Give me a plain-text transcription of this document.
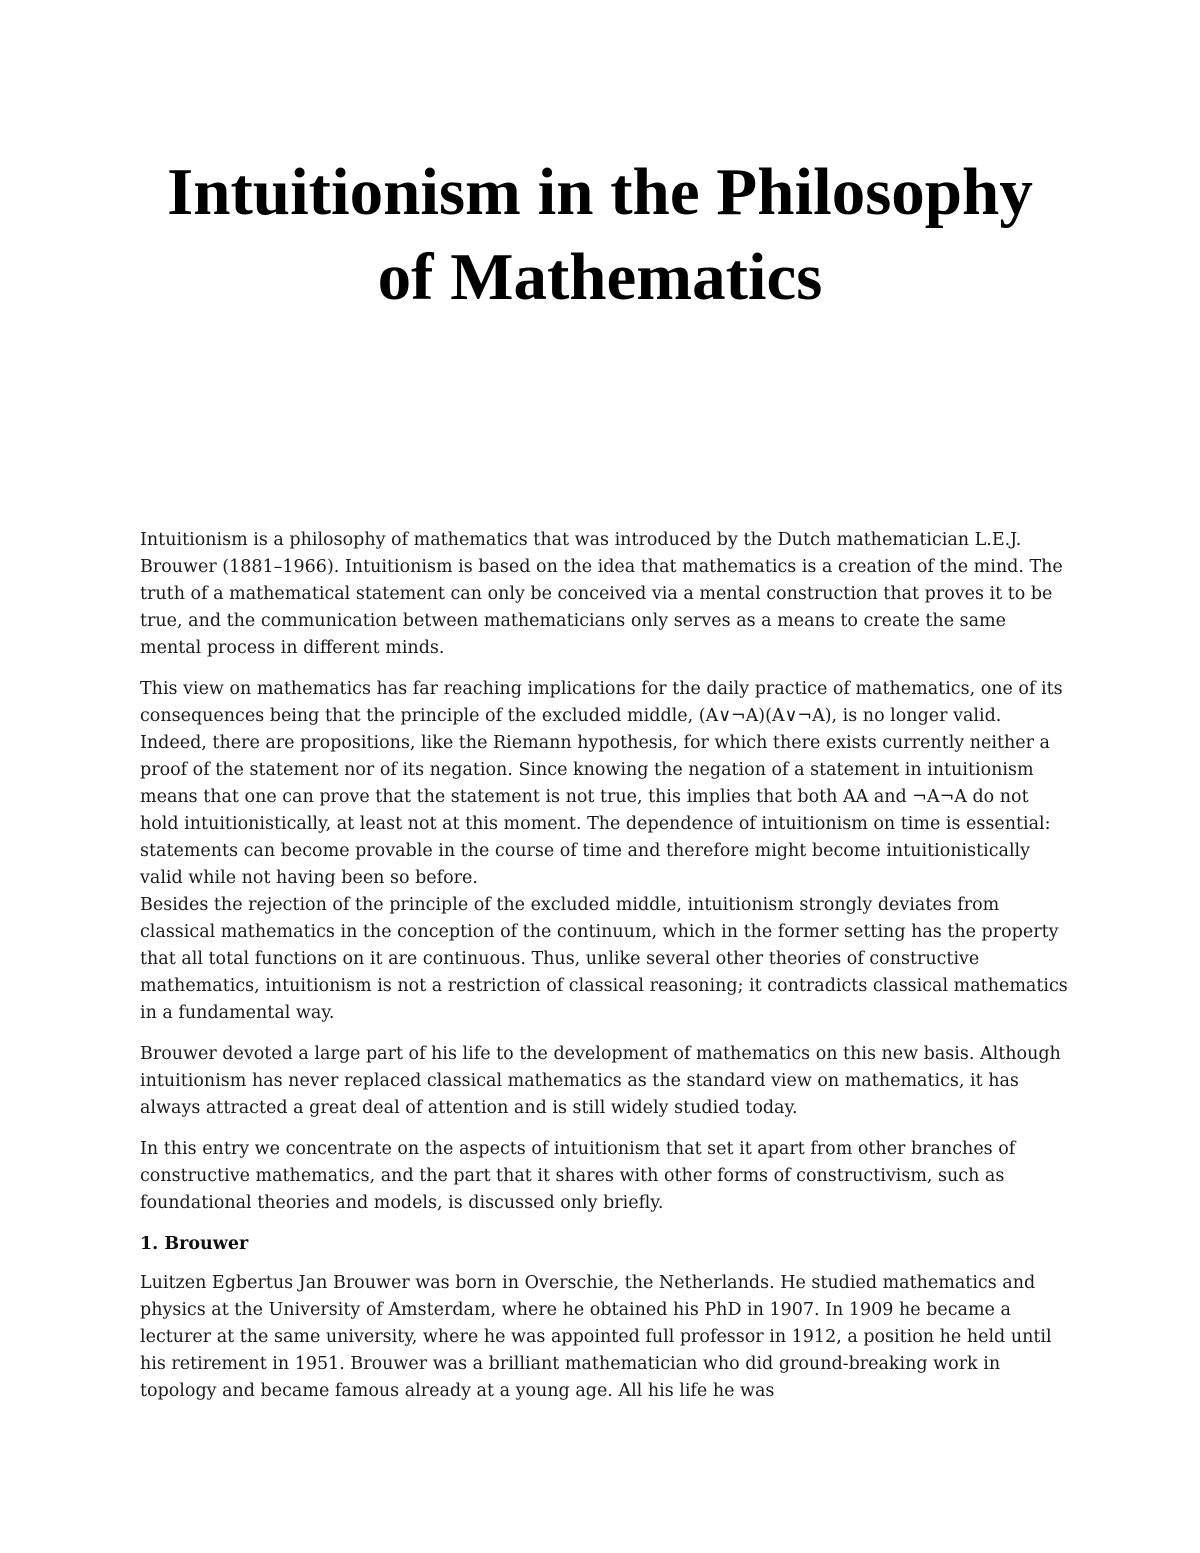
Intuitionism in the Philosophy
of Mathematics

Intuitionism is a philosophy of mathematics that was introduced by the Dutch mathematician L.E.J. Brouwer (1881–1966). Intuitionism is based on the idea that mathematics is a creation of the mind. The truth of a mathematical statement can only be conceived via a mental construction that proves it to be true, and the communication between mathematicians only serves as a means to create the same mental process in different minds.

This view on mathematics has far reaching implications for the daily practice of mathematics, one of its consequences being that the principle of the excluded middle, (A∨¬A)(A∨¬A), is no longer valid. Indeed, there are propositions, like the Riemann hypothesis, for which there exists currently neither a proof of the statement nor of its negation. Since knowing the negation of a statement in intuitionism means that one can prove that the statement is not true, this implies that both AA and ¬A¬A do not hold intuitionistically, at least not at this moment. The dependence of intuitionism on time is essential: statements can become provable in the course of time and therefore might become intuitionistically valid while not having been so before.

Besides the rejection of the principle of the excluded middle, intuitionism strongly deviates from classical mathematics in the conception of the continuum, which in the former setting has the property that all total functions on it are continuous. Thus, unlike several other theories of constructive mathematics, intuitionism is not a restriction of classical reasoning; it contradicts classical mathematics in a fundamental way.

Brouwer devoted a large part of his life to the development of mathematics on this new basis. Although intuitionism has never replaced classical mathematics as the standard view on mathematics, it has always attracted a great deal of attention and is still widely studied today.

In this entry we concentrate on the aspects of intuitionism that set it apart from other branches of constructive mathematics, and the part that it shares with other forms of constructivism, such as foundational theories and models, is discussed only briefly.

1. Brouwer

Luitzen Egbertus Jan Brouwer was born in Overschie, the Netherlands. He studied mathematics and physics at the University of Amsterdam, where he obtained his PhD in 1907. In 1909 he became a lecturer at the same university, where he was appointed full professor in 1912, a position he held until his retirement in 1951. Brouwer was a brilliant mathematician who did ground-breaking work in topology and became famous already at a young age. All his life he was
